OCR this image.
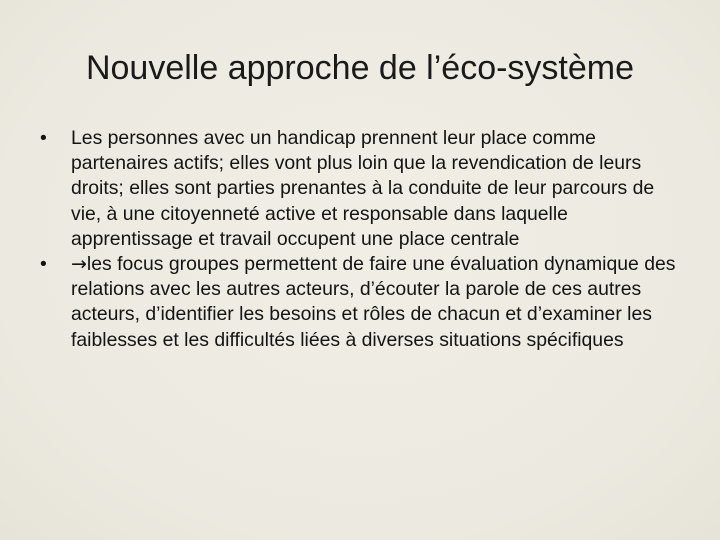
Nouvelle approche de l’éco-système
•	Les personnes avec un handicap prennent leur place comme partenaires actifs; elles vont plus loin que la revendication de leurs droits; elles sont parties prenantes à la conduite de leur parcours de vie, à une citoyenneté active et responsable dans laquelle apprentissage et travail occupent une place centrale
•	→les focus groupes permettent de faire une évaluation dynamique des relations avec les autres acteurs, d’écouter la parole de ces autres acteurs, d’identifier les besoins et rôles de chacun et d’examiner les faiblesses et les difficultés liées à diverses situations spécifiques
